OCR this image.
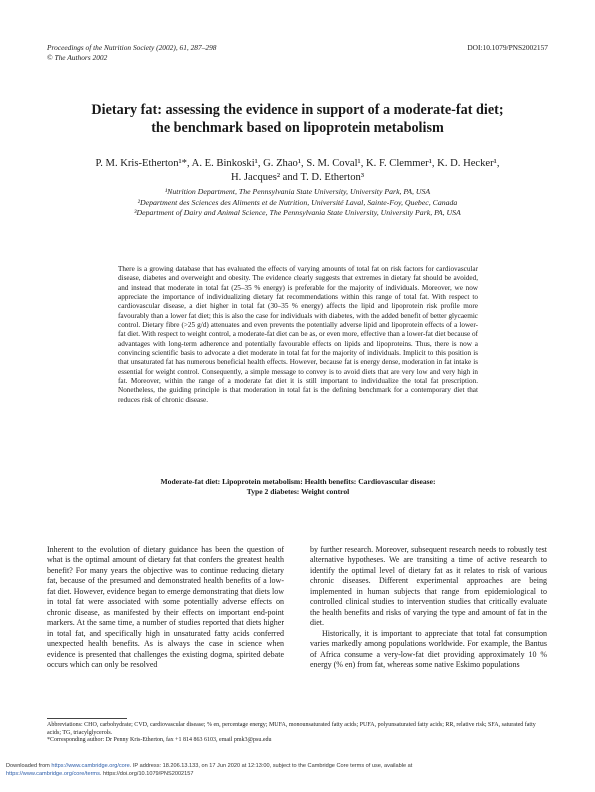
Proceedings of the Nutrition Society (2002), 61, 287–298
© The Authors 2002
DOI:10.1079/PNS2002157
Dietary fat: assessing the evidence in support of a moderate-fat diet;
the benchmark based on lipoprotein metabolism
P. M. Kris-Etherton¹*, A. E. Binkoski¹, G. Zhao¹, S. M. Coval¹, K. F. Clemmer¹, K. D. Hecker¹,
H. Jacques² and T. D. Etherton³
¹Nutrition Department, The Pennsylvania State University, University Park, PA, USA
²Department des Sciences des Aliments et de Nutrition, Université Laval, Sainte-Foy, Quebec, Canada
³Department of Dairy and Animal Science, The Pennsylvania State University, University Park, PA, USA
There is a growing database that has evaluated the effects of varying amounts of total fat on risk factors for cardiovascular disease, diabetes and overweight and obesity. The evidence clearly suggests that extremes in dietary fat should be avoided, and instead that moderate in total fat (25–35 % energy) is preferable for the majority of individuals. Moreover, we now appreciate the importance of individualizing dietary fat recommendations within this range of total fat. With respect to cardiovascular disease, a diet higher in total fat (30–35 % energy) affects the lipid and lipoprotein risk profile more favourably than a lower fat diet; this is also the case for individuals with diabetes, with the added benefit of better glycaemic control. Dietary fibre (>25 g/d) attenuates and even prevents the potentially adverse lipid and lipoprotein effects of a lower-fat diet. With respect to weight control, a moderate-fat diet can be as, or even more, effective than a lower-fat diet because of advantages with long-term adherence and potentially favourable effects on lipids and lipoproteins. Thus, there is now a convincing scientific basis to advocate a diet moderate in total fat for the majority of individuals. Implicit to this position is that unsaturated fat has numerous beneficial health effects. However, because fat is energy dense, moderation in fat intake is essential for weight control. Consequently, a simple message to convey is to avoid diets that are very low and very high in fat. Moreover, within the range of a moderate fat diet it is still important to individualize the total fat prescription. Nonetheless, the guiding principle is that moderation in total fat is the defining benchmark for a contemporary diet that reduces risk of chronic disease.
Moderate-fat diet: Lipoprotein metabolism: Health benefits: Cardiovascular disease:
Type 2 diabetes: Weight control

Inherent to the evolution of dietary guidance has been the question of what is the optimal amount of dietary fat that confers the greatest health benefit? For many years the objective was to continue reducing dietary fat, because of the presumed and demonstrated health benefits of a low-fat diet. However, evidence began to emerge demonstrating that diets low in total fat were associated with some potentially adverse effects on chronic disease, as manifested by their effects on important end-point markers. At the same time, a number of studies reported that diets higher in total fat, and specifically high in unsaturated fatty acids conferred unexpected health benefits. As is always the case in science when evidence is presented that challenges the existing dogma, spirited debate occurs which can only be resolved

by further research. Moreover, subsequent research needs to robustly test alternative hypotheses. We are transiting a time of active research to identify the optimal level of dietary fat as it relates to risk of various chronic diseases. Different experimental approaches are being implemented in human subjects that range from epidemiological to controlled clinical studies to intervention studies that critically evaluate the health benefits and risks of varying the type and amount of fat in the diet.

Historically, it is important to appreciate that total fat consumption varies markedly among populations worldwide. For example, the Bantus of Africa consume a very-low-fat diet providing approximately 10 % energy (% en) from fat, whereas some native Eskimo populations

Abbreviations: CHO, carbohydrate; CVD, cardiovascular disease; % en, percentage energy; MUFA, monounsaturated fatty acids; PUFA, polyunsaturated fatty acids; RR, relative risk; SFA, saturated fatty acids; TG, triacylglycerols.
*Corresponding author: Dr Penny Kris-Etherton, fax +1 814 863 6103, email pmk3@psu.edu
Downloaded from https://www.cambridge.org/core. IP address: 18.206.13.133, on 17 Jun 2020 at 12:13:00, subject to the Cambridge Core terms of use, available at
https://www.cambridge.org/core/terms. https://doi.org/10.1079/PNS2002157
